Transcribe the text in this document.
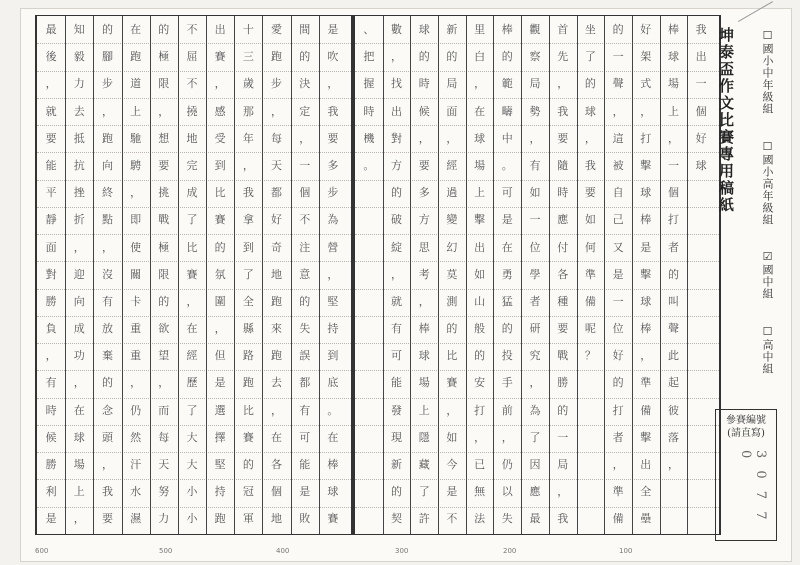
是
吹
，
我
要
多
步
為
營
，
堅
持
到
底
。
在
棒
球
賽
間
的
決
定
，
一
個
不
注
意
的
失
誤
都
有
可
能
是
敗
愛
跑
步
，
每
天
都
好
奇
地
跑
來
跑
去
，
在
各
個
地
十
三
歲
那
年
，
我
拿
到
了
全
縣
路
跑
比
賽
的
冠
軍
出
賽
，
感
受
到
比
賽
的
氛
圍
，
但
是
選
擇
堅
持
跑
不
屈
不
撓
地
完
成
了
比
賽
，
在
經
歷
了
大
大
小
小
的
極
限
，
想
要
挑
戰
極
限
的
欲
望
，
而
每
天
努
力
在
跑
道
上
馳
騁
，
即
使
關
卡
重
重
，
仍
然
汗
水
濕
的
腳
步
，
跑
向
終
點
，
沒
有
放
棄
的
念
頭
，
我
要
知
毅
力
去
抵
抗
挫
折
，
迎
向
成
功
，
在
球
場
上
，
最
後
，
就
要
能
平
靜
面
對
勝
負
，
有
時
候
勝
利
是
我
出
一
個
好
球
棒
球
場
上
，
一
個
打
者
的
叫
聲
此
起
彼
落
，
好
架
式
，
打
擊
球
棒
是
擊
球
棒
，
準
備
擊
出
全
壘
的
一
聲
，
這
被
自
己
又
是
一
位
好
的
打
者
，
準
備
坐
了
的
球
，
我
要
如
何
準
備
呢
？
首
先
，
我
要
隨
時
應
付
各
種
要
戰
勝
的
一
局
，
我
觀
察
局
勢
，
有
如
一
位
學
者
研
究
，
為
了
因
應
最
棒
的
範
疇
中
。
可
是
在
勇
猛
的
投
手
前
，
仍
以
失
里
白
，
在
球
場
上
擊
出
如
山
般
的
安
打
，
已
無
法
新
的
局
面
，
經
過
變
幻
莫
測
的
比
賽
，
如
今
是
不
球
的
時
候
，
要
多
方
思
考
，
棒
球
場
上
隱
藏
了
許
數
，
找
出
對
方
的
破
綻
，
就
有
可
能
發
現
新
的
契
、
把
握
時
機
。
600	500	400	300	200	100
坤泰盃作文比賽專用稿紙 ☐國小中年級組 ☐國小高年級組 ☑國中組 ☐高中組
參賽編號
(請直寫)
3 0 7 7 0
